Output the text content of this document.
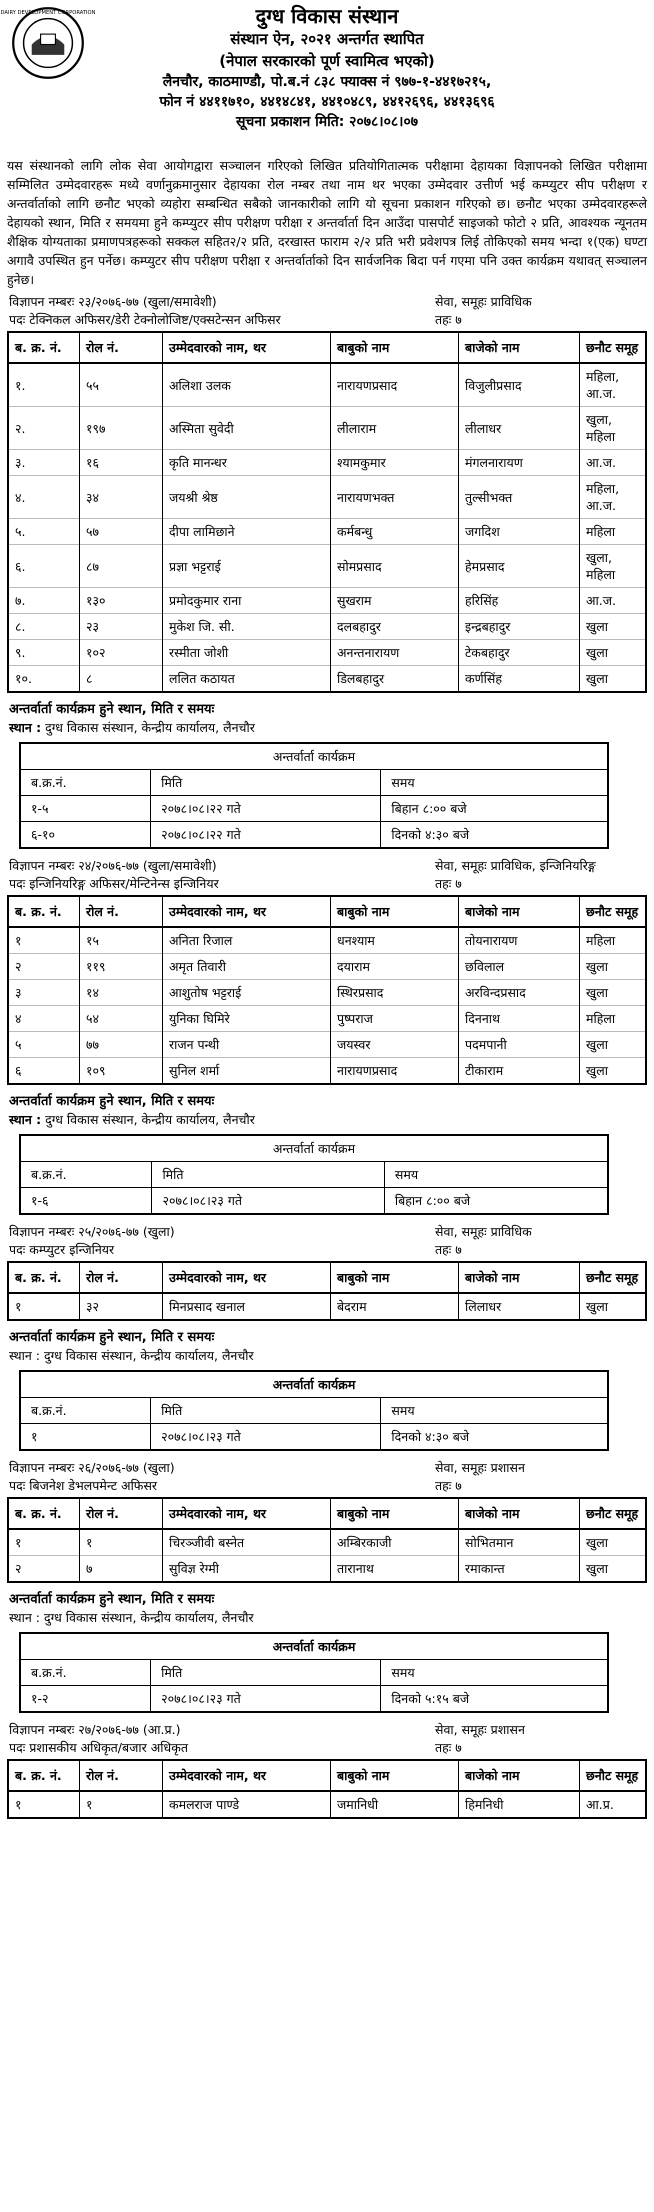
DAIRY DEVELOPMENT CORPORATION	दुग्ध विकास संस्थान
संस्थान ऐन, २०२१ अन्तर्गत स्थापित
(नेपाल सरकारको पूर्ण स्वामित्व भएको)
लैनचौर, काठमाण्डौ, पो.ब.नं ८३८ फ्याक्स नं ९७७-१-४४१७२१५,
फोन नं ४४११७१०, ४४१४८४१, ४४१०४८९, ४४१२६९६, ४४१३६९६
सूचना प्रकाशन मिति: २०७८।०८।०७
यस संस्थानको लागि लोक सेवा आयोगद्वारा सञ्चालन गरिएको लिखित प्रतियोगितात्मक परीक्षामा देहायका विज्ञापनको लिखित परीक्षामा सम्मिलित उम्मेदवारहरू मध्ये वर्णानुक्रमानुसार देहायका रोल नम्बर तथा नाम थर भएका उम्मेदवार उत्तीर्ण भई कम्प्युटर सीप परीक्षण र अन्तर्वार्ताको लागि छनौट भएको व्यहोरा सम्बन्धित सबैको जानकारीको लागि यो सूचना प्रकाशन गरिएको छ। छनौट भएका उम्मेदवारहरूले देहायको स्थान, मिति र समयमा हुने कम्प्युटर सीप परीक्षण परीक्षा र अन्तर्वार्ता दिन आउँदा पासपोर्ट साइजको फोटो २ प्रति, आवश्यक न्यूनतम शैक्षिक योग्यताका प्रमाणपत्रहरूको सक्कल सहित२/२ प्रति, दरखास्त फाराम २/२ प्रति भरी प्रवेशपत्र लिई तोकिएको समय भन्दा १(एक) घण्टा अगावै उपस्थित हुन पर्नेछ। कम्प्युटर सीप परीक्षण परीक्षा र अन्तर्वार्ताको दिन सार्वजनिक बिदा पर्न गएमा पनि उक्त कार्यक्रम यथावत् सञ्चालन हुनेछ।
विज्ञापन नम्बरः २३/२०७६-७७ (खुला/समावेशी)	सेवा, समूहः प्राविधिक
पदः टेक्निकल अफिसर/डेरी टेक्नोलोजिष्ट/एक्सटेन्सन अफिसर	तहः ७
ब. क्र. नं.	रोल नं.	उम्मेदवारको नाम, थर	बाबुको नाम	बाजेको नाम	छनौट समूह
१.	५५	अलिशा उलक	नारायणप्रसाद	विजुलीप्रसाद	महिला, आ.ज.
२.	१९७	अस्मिता सुवेदी	लीलाराम	लीलाधर	खुला, महिला
३.	१६	कृति मानन्धर	श्यामकुमार	मंगलनारायण	आ.ज.
४.	३४	जयश्री श्रेष्ठ	नारायणभक्त	तुल्सीभक्त	महिला, आ.ज.
५.	५७	दीपा लामिछाने	कर्मबन्धु	जगदिश	महिला
६.	८७	प्रज्ञा भट्टराई	सोमप्रसाद	हेमप्रसाद	खुला, महिला
७.	१३०	प्रमोदकुमार राना	सुखराम	हरिसिंह	आ.ज.
८.	२३	मुकेश जि. सी.	दलबहादुर	इन्द्रबहादुर	खुला
९.	१०२	रस्मीता जोशी	अनन्तनारायण	टेकबहादुर	खुला
१०.	८	ललित कठायत	डिलबहादुर	कर्णसिंह	खुला
अन्तर्वार्ता कार्यक्रम हुने स्थान, मिति र समयः
स्थान : दुग्ध विकास संस्थान, केन्द्रीय कार्यालय, लैनचौर
अन्तर्वार्ता कार्यक्रम		
ब.क्र.नं.	मिति	समय
१-५	२०७८।०८।२२ गते	बिहान ८:०० बजे
६-१०	२०७८।०८।२२ गते	दिनको ४:३० बजे
विज्ञापन नम्बरः २४/२०७६-७७ (खुला/समावेशी)	सेवा, समूहः प्राविधिक, इन्जिनियरिङ्ग
पदः इन्जिनियरिङ्ग अफिसर/मेन्टिनेन्स इन्जिनियर	तहः ७
ब. क्र. नं.	रोल नं.	उम्मेदवारको नाम, थर	बाबुको नाम	बाजेको नाम	छनौट समूह
१	१५	अनिता रिजाल	धनश्याम	तोयनारायण	महिला
२	११९	अमृत तिवारी	दयाराम	छविलाल	खुला
३	१४	आशुतोष भट्टराई	स्थिरप्रसाद	अरविन्दप्रसाद	खुला
४	५४	युनिका घिमिरे	पुष्पराज	दिननाथ	महिला
५	७७	राजन पन्थी	जयस्वर	पदमपानी	खुला
६	१०९	सुनिल शर्मा	नारायणप्रसाद	टीकाराम	खुला
अन्तर्वार्ता कार्यक्रम हुने स्थान, मिति र समयः
स्थान : दुग्ध विकास संस्थान, केन्द्रीय कार्यालय, लैनचौर
अन्तर्वार्ता कार्यक्रम		
ब.क्र.नं.	मिति	समय
१-६	२०७८।०८।२३ गते	बिहान ८:०० बजे
विज्ञापन नम्बरः २५/२०७६-७७ (खुला)	सेवा, समूहः प्राविधिक
पदः कम्प्युटर इन्जिनियर	तहः ७
ब. क्र. नं.	रोल नं.	उम्मेदवारको नाम, थर	बाबुको नाम	बाजेको नाम	छनौट समूह
१	३२	मिनप्रसाद खनाल	बेदराम	लिलाधर	खुला
अन्तर्वार्ता कार्यक्रम हुने स्थान, मिति र समयः
स्थान : दुग्ध विकास संस्थान, केन्द्रीय कार्यालय, लैनचौर
अन्तर्वार्ता कार्यक्रम		
ब.क्र.नं.	मिति	समय
१	२०७८।०८।२३ गते	दिनको ४:३० बजे
विज्ञापन नम्बरः २६/२०७६-७७ (खुला)	सेवा, समूहः प्रशासन
पदः बिजनेश डेभलपमेन्ट अफिसर	तहः ७
ब. क्र. नं.	रोल नं.	उम्मेदवारको नाम, थर	बाबुको नाम	बाजेको नाम	छनौट समूह
१	१	चिरञ्जीवी बस्नेत	अम्बिरकाजी	सोभितमान	खुला
२	७	सुविज्ञ रेग्मी	तारानाथ	रमाकान्त	खुला
अन्तर्वार्ता कार्यक्रम हुने स्थान, मिति र समयः
स्थान : दुग्ध विकास संस्थान, केन्द्रीय कार्यालय, लैनचौर
अन्तर्वार्ता कार्यक्रम		
ब.क्र.नं.	मिति	समय
१-२	२०७८।०८।२३ गते	दिनको ५:१५ बजे
विज्ञापन नम्बरः २७/२०७६-७७ (आ.प्र.)	सेवा, समूहः प्रशासन
पदः प्रशासकीय अधिकृत/बजार अधिकृत	तहः ७
ब. क्र. नं.	रोल नं.	उम्मेदवारको नाम, थर	बाबुको नाम	बाजेको नाम	छनौट समूह
१	१	कमलराज पाण्डे	जमानिधी	हिमनिधी	आ.प्र.
